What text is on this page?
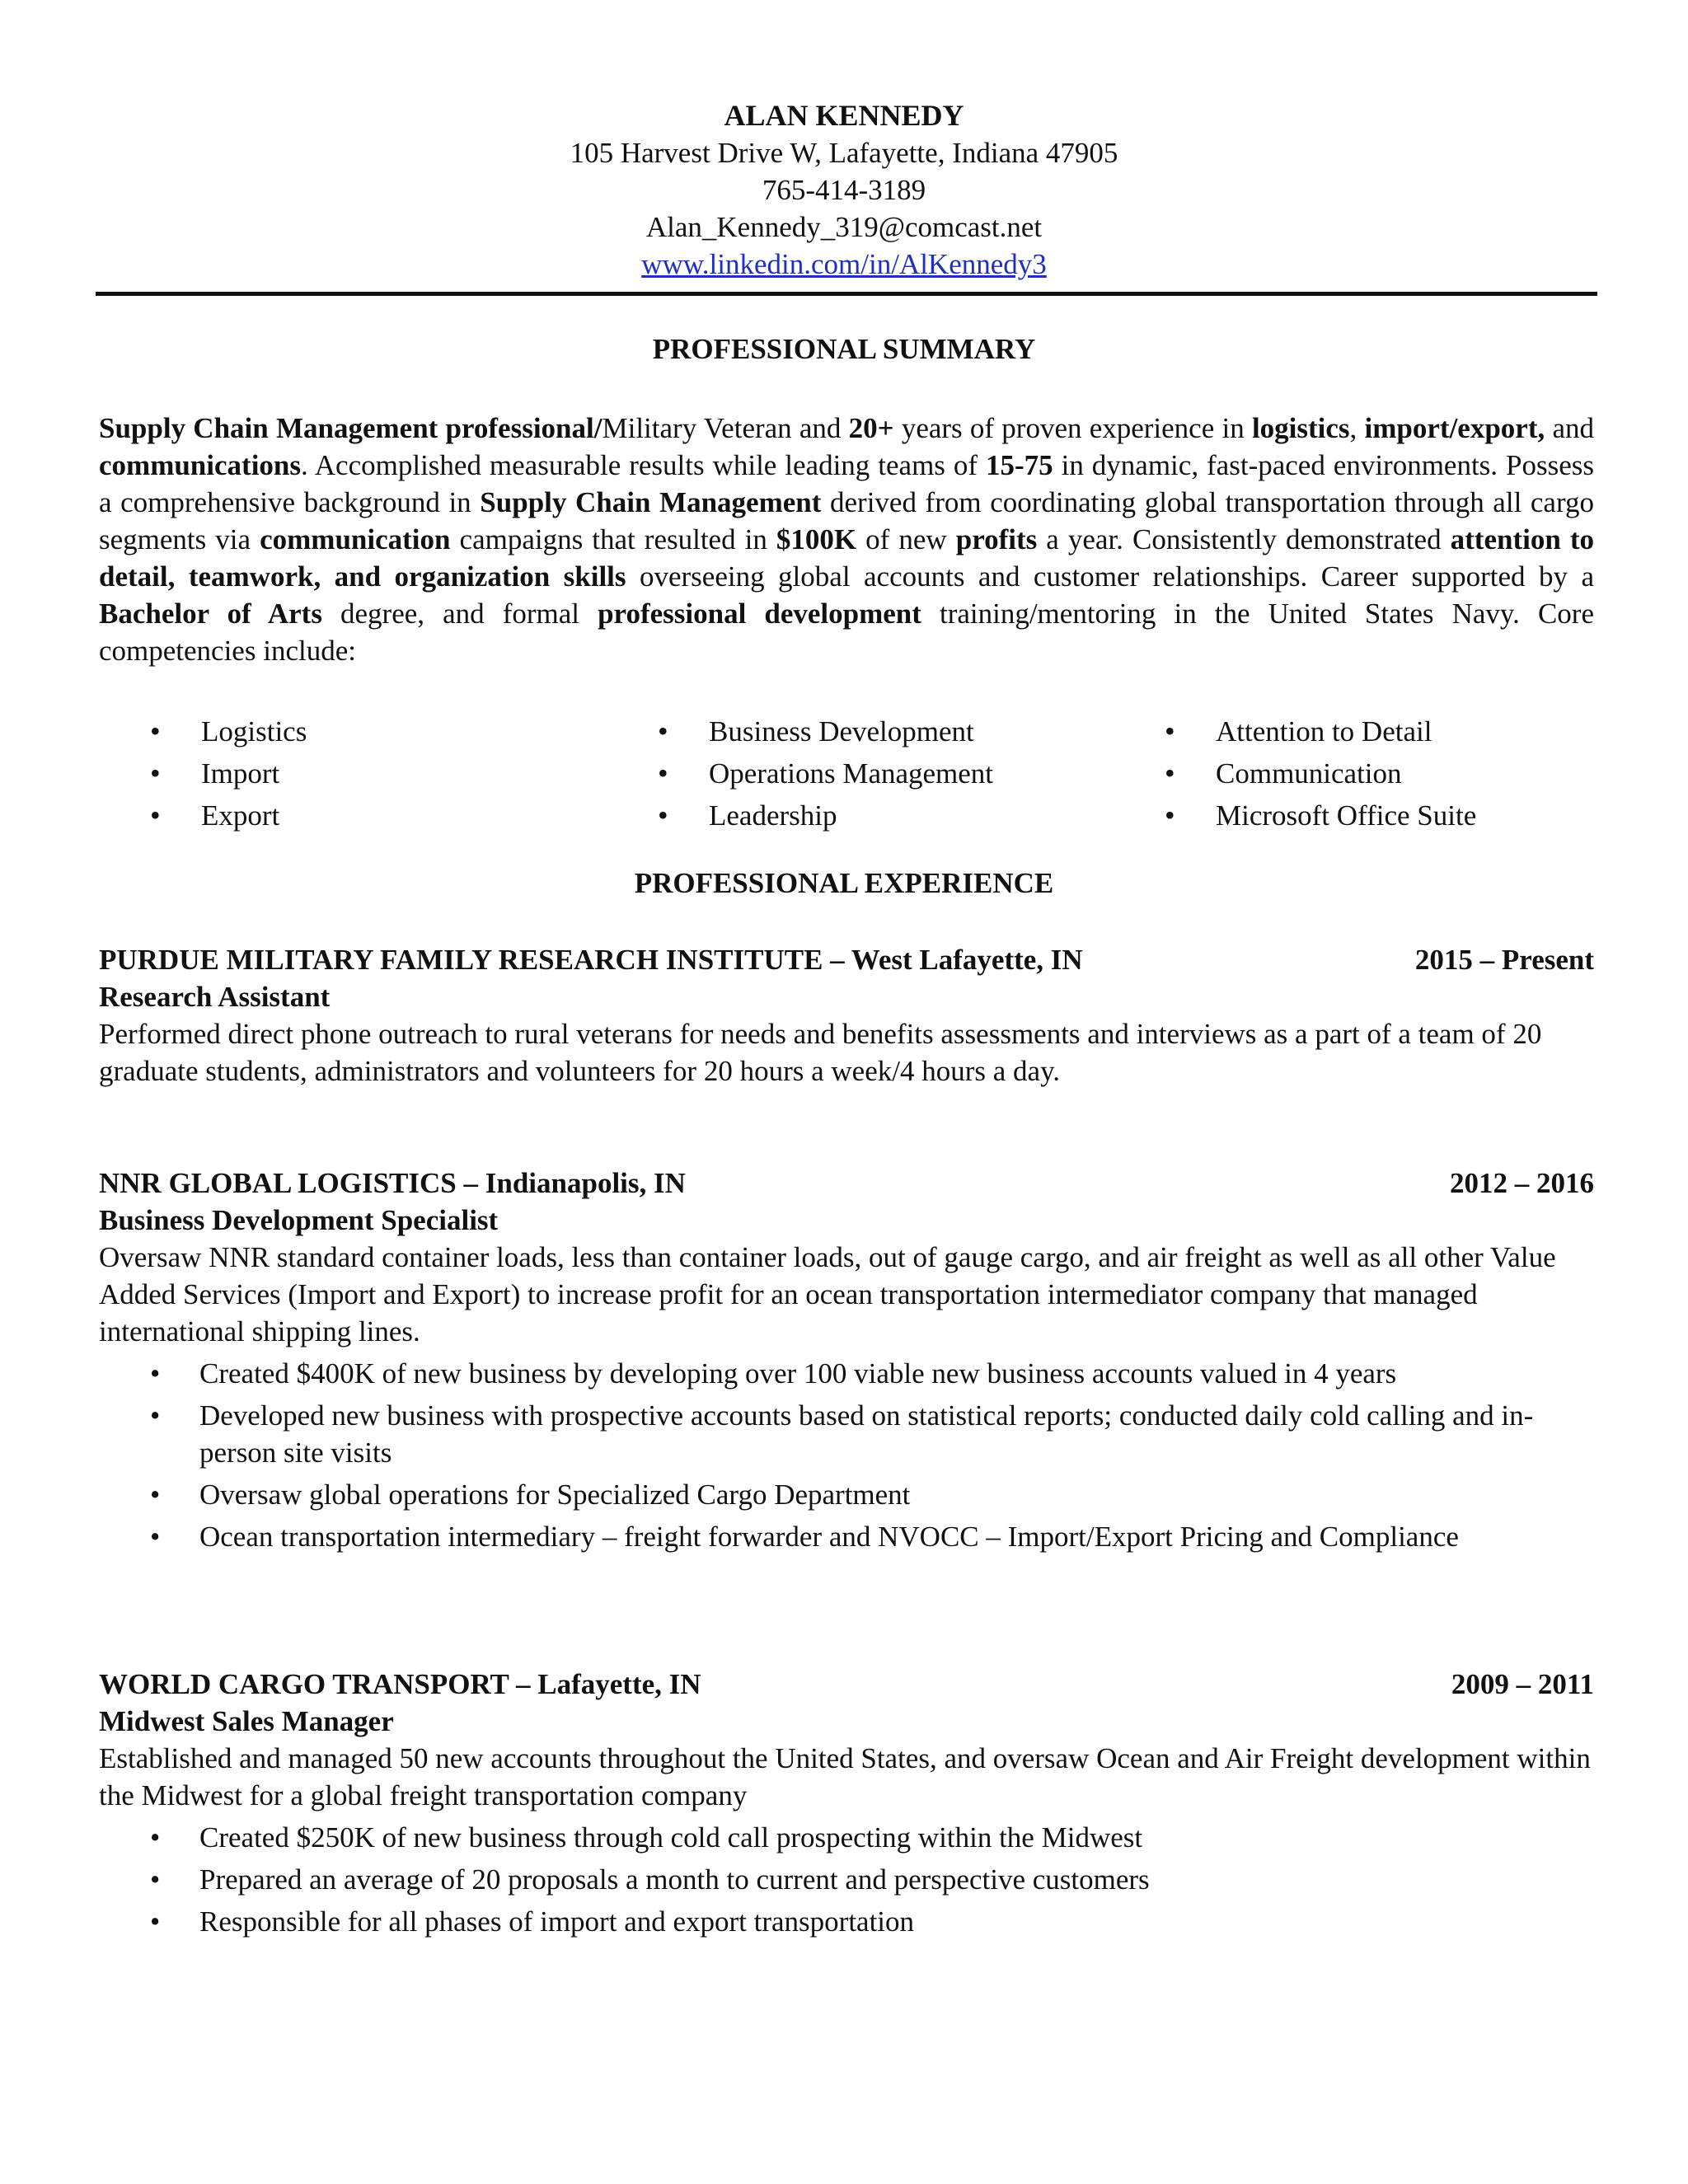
ALAN KENNEDY
105 Harvest Drive W, Lafayette, Indiana 47905
765-414-3189
Alan_Kennedy_319@comcast.net
www.linkedin.com/in/AlKennedy3
PROFESSIONAL SUMMARY
Supply Chain Management professional/Military Veteran and 20+ years of proven experience in logistics, import/export, and communications. Accomplished measurable results while leading teams of 15-75 in dynamic, fast-paced environments. Possess a comprehensive background in Supply Chain Management derived from coordinating global transportation through all cargo segments via communication campaigns that resulted in $100K of new profits a year. Consistently demonstrated attention to detail, teamwork, and organization skills overseeing global accounts and customer relationships. Career supported by a Bachelor of Arts degree, and formal professional development training/mentoring in the United States Navy. Core competencies include:
• Logistics
• Import
• Export
• Business Development
• Operations Management
• Leadership
• Attention to Detail
• Communication
• Microsoft Office Suite
PROFESSIONAL EXPERIENCE
PURDUE MILITARY FAMILY RESEARCH INSTITUTE – West Lafayette, IN	2015 – Present
Research Assistant
Performed direct phone outreach to rural veterans for needs and benefits assessments and interviews as a part of a team of 20 graduate students, administrators and volunteers for 20 hours a week/4 hours a day.
NNR GLOBAL LOGISTICS – Indianapolis, IN	2012 – 2016
Business Development Specialist
Oversaw NNR standard container loads, less than container loads, out of gauge cargo, and air freight as well as all other Value Added Services (Import and Export) to increase profit for an ocean transportation intermediator company that managed international shipping lines.
• Created $400K of new business by developing over 100 viable new business accounts valued in 4 years
• Developed new business with prospective accounts based on statistical reports; conducted daily cold calling and in-person site visits
• Oversaw global operations for Specialized Cargo Department
• Ocean transportation intermediary – freight forwarder and NVOCC – Import/Export Pricing and Compliance
WORLD CARGO TRANSPORT – Lafayette, IN	2009 – 2011
Midwest Sales Manager
Established and managed 50 new accounts throughout the United States, and oversaw Ocean and Air Freight development within the Midwest for a global freight transportation company
• Created $250K of new business through cold call prospecting within the Midwest
• Prepared an average of 20 proposals a month to current and perspective customers
• Responsible for all phases of import and export transportation
